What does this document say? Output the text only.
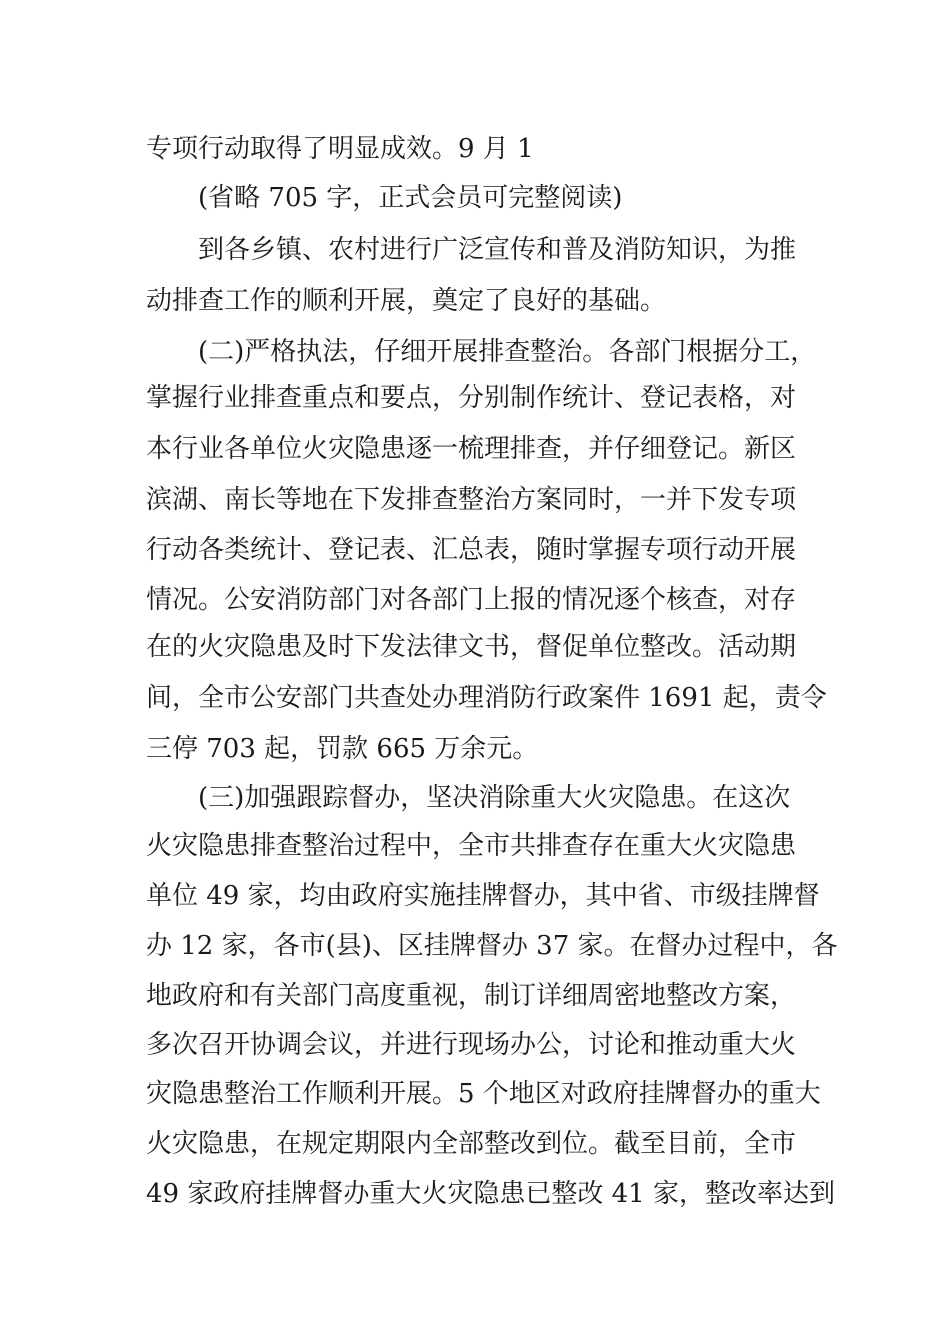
专项行动取得了明显成效。9 月 1
(省略 705 字，正式会员可完整阅读)
到各乡镇、农村进行广泛宣传和普及消防知识，为推
动排查工作的顺利开展，奠定了良好的基础。
(二)严格执法，仔细开展排查整治。各部门根据分工，
掌握行业排查重点和要点，分别制作统计、登记表格，对
本行业各单位火灾隐患逐一梳理排查，并仔细登记。新区
滨湖、南长等地在下发排查整治方案同时，一并下发专项
行动各类统计、登记表、汇总表，随时掌握专项行动开展
情况。公安消防部门对各部门上报的情况逐个核查，对存
在的火灾隐患及时下发法律文书，督促单位整改。活动期
间，全市公安部门共查处办理消防行政案件 1691 起，责令
三停 703 起，罚款 665 万余元。
(三)加强跟踪督办，坚决消除重大火灾隐患。在这次
火灾隐患排查整治过程中，全市共排查存在重大火灾隐患
单位 49 家，均由政府实施挂牌督办，其中省、市级挂牌督
办 12 家，各市(县)、区挂牌督办 37 家。在督办过程中，各
地政府和有关部门高度重视，制订详细周密地整改方案，
多次召开协调会议，并进行现场办公，讨论和推动重大火
灾隐患整治工作顺利开展。5 个地区对政府挂牌督办的重大
火灾隐患，在规定期限内全部整改到位。截至目前，全市
49 家政府挂牌督办重大火灾隐患已整改 41 家，整改率达到
